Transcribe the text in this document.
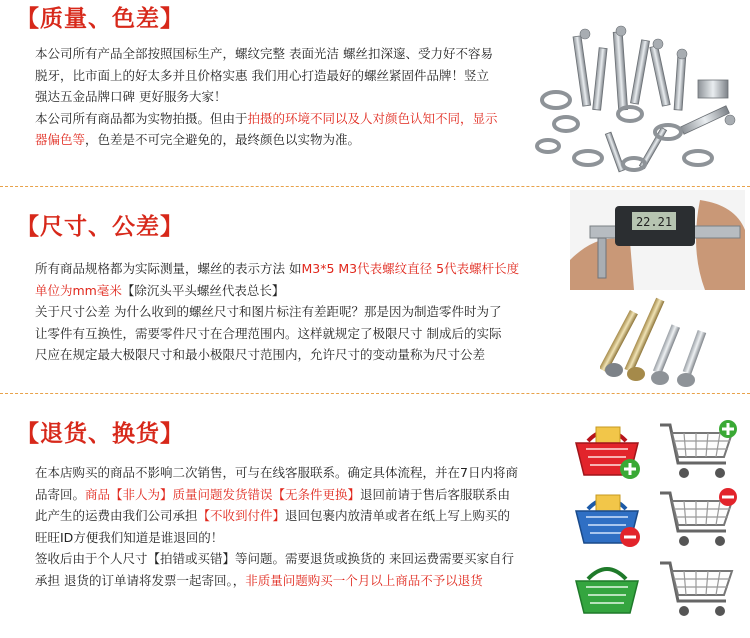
【质量、色差】

本公司所有产品全部按照国标生产，螺纹完整 表面光洁 螺丝扣深邃、受力好不容易

脱牙，比市面上的好太多并且价格实惠 我们用心打造最好的螺丝紧固件品牌！竖立

强达五金品牌口碑 更好服务大家！

本公司所有商品都为实物拍摄。但由于拍摄的环境不同以及人对颜色认知不同，显示

器偏色等，色差是不可完全避免的，最终颜色以实物为准。

【尺寸、公差】

所有商品规格都为实际测量，螺丝的表示方法 如M3*5 M3代表螺纹直径 5代表螺杆长度

单位为mm毫米【除沉头平头螺丝代表总长】

关于尺寸公差 为什么收到的螺丝尺寸和图片标注有差距呢？那是因为制造零件时为了

让零件有互换性，需要零件尺寸在合理范围内。这样就规定了极限尺寸 制成后的实际

尺应在规定最大极限尺寸和最小极限尺寸范围内，允许尺寸的变动量称为尺寸公差

22.21
【退货、换货】

在本店购买的商品不影响二次销售，可与在线客服联系。确定具体流程，并在7日内将商

品寄回。商品【非人为】质量问题发货错误【无条件更换】退回前请于售后客服联系由

此产生的运费由我们公司承担【不收到付件】退回包裹内放清单或者在纸上写上购买的

旺旺ID方便我们知道是谁退回的！

签收后由于个人尺寸【拍错或买错】等问题。需要退货或换货的 来回运费需要买家自行

承担 退货的订单请将发票一起寄回。，非质量问题购买一个月以上商品不予以退货
